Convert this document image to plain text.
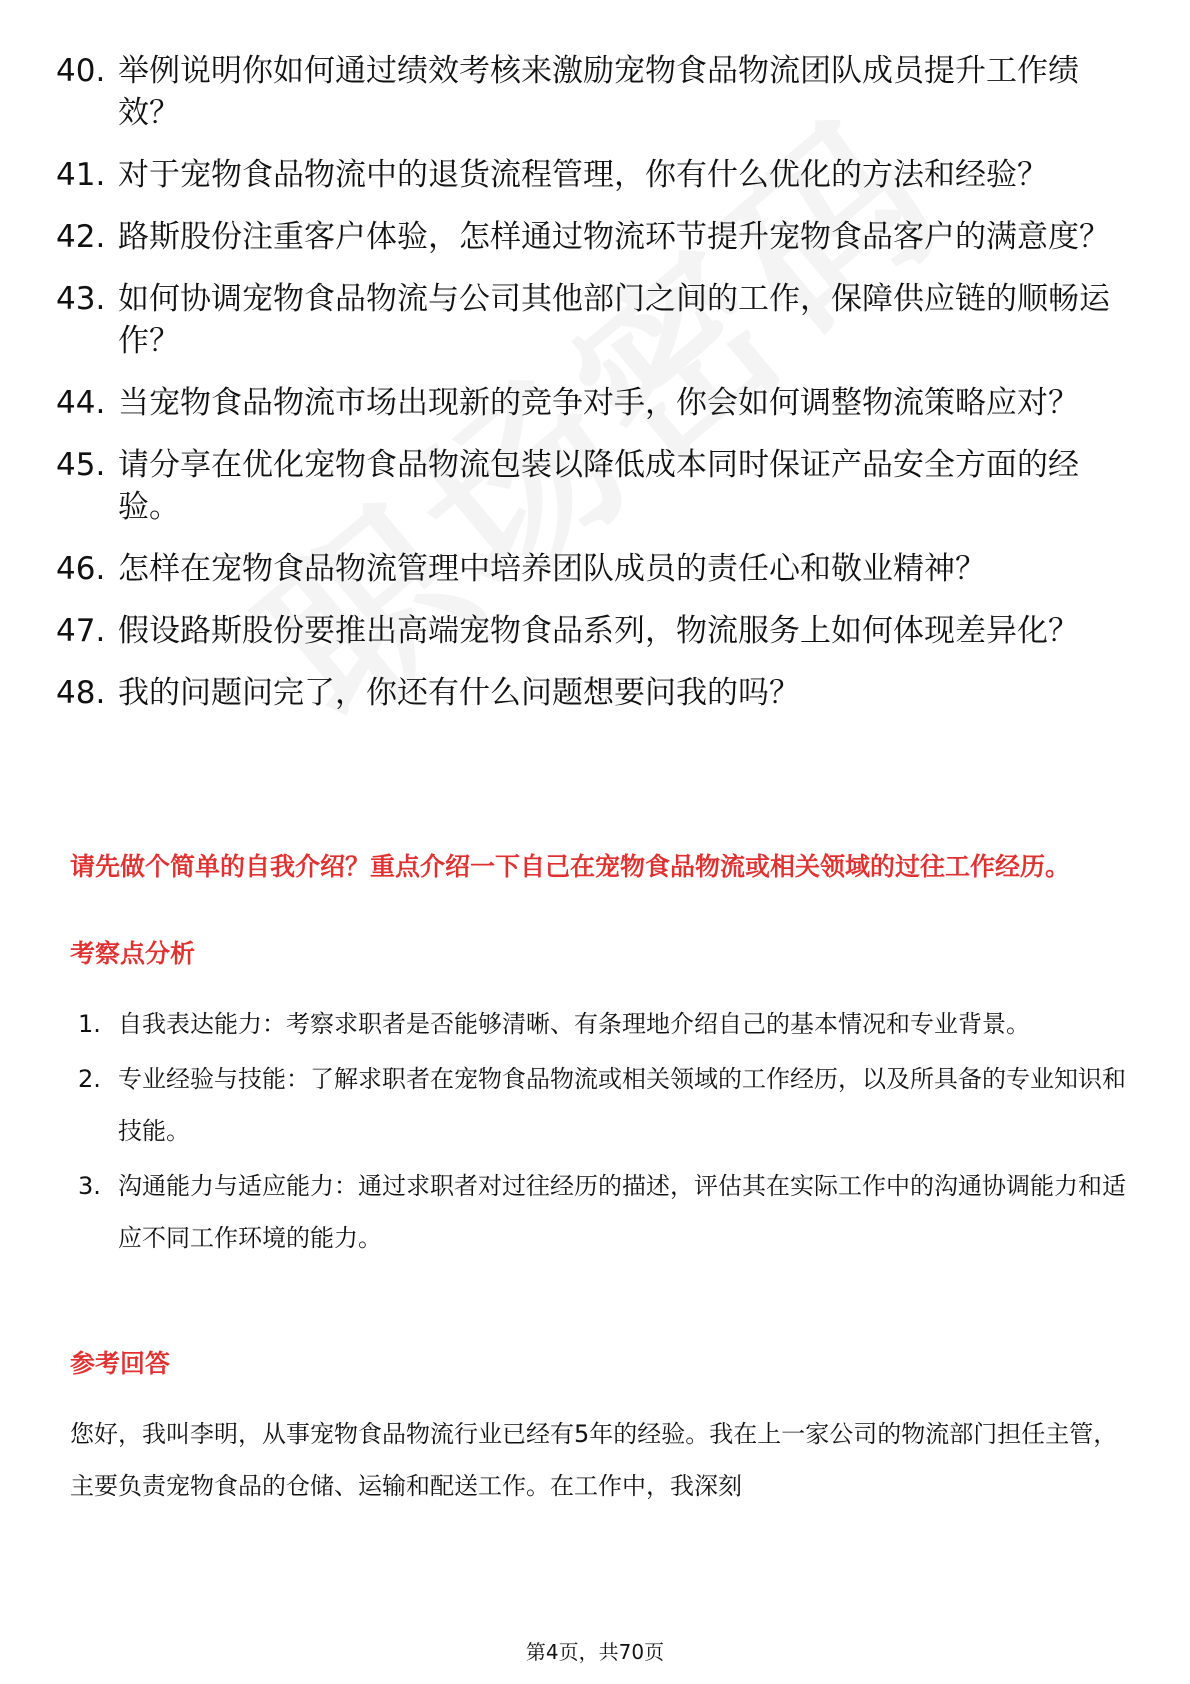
40. 举例说明你如何通过绩效考核来激励宠物食品物流团队成员提升工作绩效？
41. 对于宠物食品物流中的退货流程管理，你有什么优化的方法和经验？
42. 路斯股份注重客户体验，怎样通过物流环节提升宠物食品客户的满意度？
43. 如何协调宠物食品物流与公司其他部门之间的工作，保障供应链的顺畅运作？
44. 当宠物食品物流市场出现新的竞争对手，你会如何调整物流策略应对？
45. 请分享在优化宠物食品物流包装以降低成本同时保证产品安全方面的经验。
46. 怎样在宠物食品物流管理中培养团队成员的责任心和敬业精神？
47. 假设路斯股份要推出高端宠物食品系列，物流服务上如何体现差异化？
48. 我的问题问完了，你还有什么问题想要问我的吗？
请先做个简单的自我介绍？重点介绍一下自己在宠物食品物流或相关领域的过往工作经历。
考察点分析
1. 自我表达能力：考察求职者是否能够清晰、有条理地介绍自己的基本情况和专业背景。
2. 专业经验与技能：了解求职者在宠物食品物流或相关领域的工作经历，以及所具备的专业知识和技能。
3. 沟通能力与适应能力：通过求职者对过往经历的描述，评估其在实际工作中的沟通协调能力和适应不同工作环境的能力。
参考回答
您好，我叫李明，从事宠物食品物流行业已经有5年的经验。我在上一家公司的物流部门担任主管，主要负责宠物食品的仓储、运输和配送工作。在工作中，我深刻
第4页，共70页
